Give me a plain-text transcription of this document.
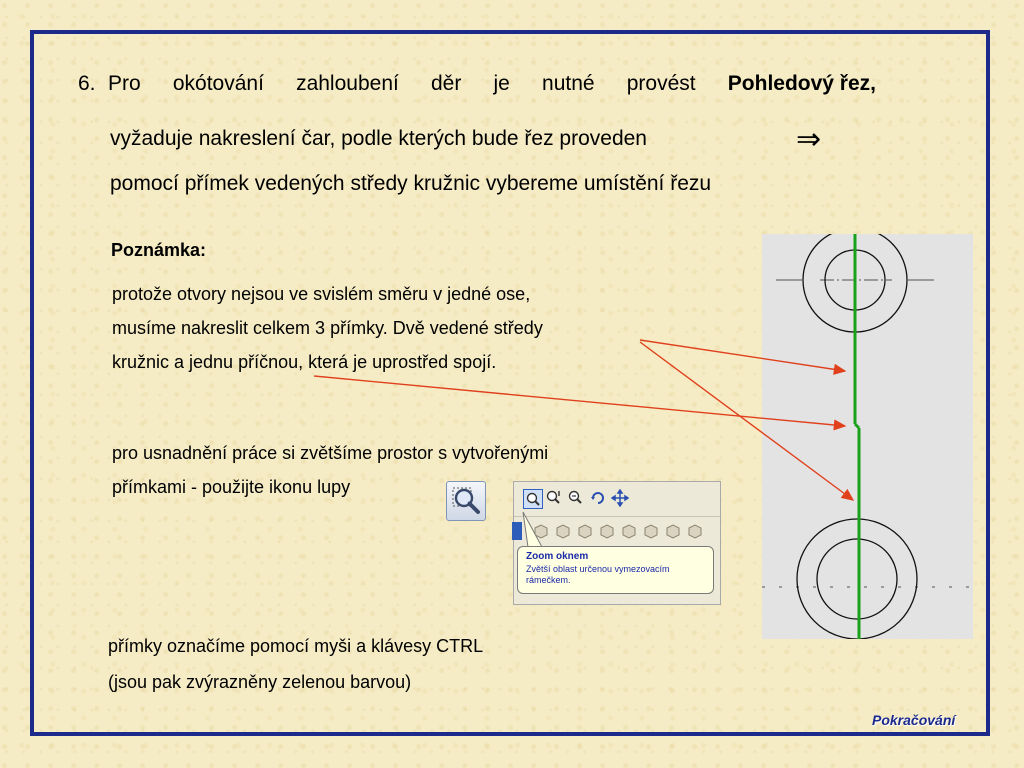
6. Pro okótování zahloubení děr je nutné provést Pohledový řez,
vyžaduje nakreslení čar, podle kterých bude řez proveden	⇒
pomocí přímek vedených středy kružnic vybereme umístění řezu
Poznámka:
protože otvory nejsou ve svislém směru v jedné ose,
musíme nakreslit celkem 3 přímky. Dvě vedené středy
kružnic a jednu příčnou, která je uprostřed spojí.
pro usnadnění práce si zvětšíme prostor s vytvořenými
přímkami - použijte ikonu lupy
Zoom oknem
Zvětší oblast určenou vymezovacím rámečkem.
přímky označíme pomocí myši a klávesy CTRL
(jsou pak zvýrazněny zelenou barvou)
Pokračování
